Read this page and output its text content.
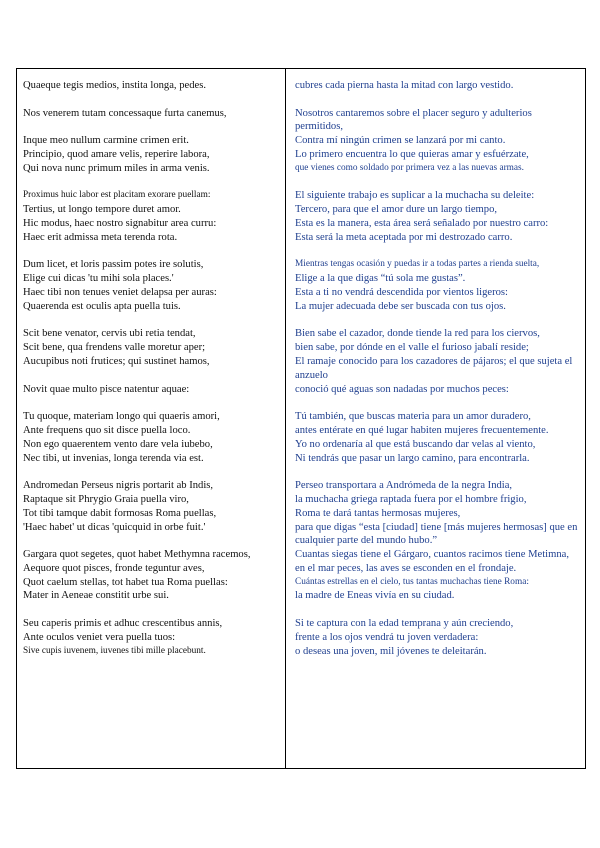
Quaeque tegis medios, instita longa, pedes.
Nos venerem tutam concessaque furta canemus,
Inque meo nullum carmine crimen erit.
Principio, quod amare velis, reperire labora,
Qui nova nunc primum miles in arma venis.
Proximus huic labor est placitam exorare puellam:
Tertius, ut longo tempore duret amor.
Hic modus, haec nostro signabitur area curru:
Haec erit admissa meta terenda rota.
Dum licet, et loris passim potes ire solutis,
Elige cui dicas 'tu mihi sola places.'
Haec tibi non tenues veniet delapsa per auras:
Quaerenda est oculis apta puella tuis.
Scit bene venator, cervis ubi retia tendat,
Scit bene, qua frendens valle moretur aper;
Aucupibus noti frutices; qui sustinet hamos,
Novit quae multo pisce natentur aquae:
Tu quoque, materiam longo qui quaeris amori,
Ante frequens quo sit disce puella loco.
Non ego quaerentem vento dare vela iubebo,
Nec tibi, ut invenias, longa terenda via est.
Andromedan Perseus nigris portarit ab Indis,
Raptaque sit Phrygio Graia puella viro,
Tot tibi tamque dabit formosas Roma puellas,
'Haec habet' ut dicas 'quicquid in orbe fuit.'
Gargara quot segetes, quot habet Methymna racemos,
Aequore quot pisces, fronde teguntur aves,
Quot caelum stellas, tot habet tua Roma puellas:
Mater in Aeneae constitit urbe sui.
Seu caperis primis et adhuc crescentibus annis,
Ante oculos veniet vera puella tuos:
Sive cupis iuvenem, iuvenes tibi mille placebunt.
cubres cada pierna hasta la mitad con largo vestido.
Nosotros cantaremos sobre el placer seguro y adulterios permitidos,
Contra mí ningún crimen se lanzará por mi canto.
Lo primero encuentra lo que quieras amar y esfuérzate,
que vienes como soldado por primera vez a las nuevas armas.
El siguiente trabajo es suplicar a la muchacha su deleite:
Tercero, para que el amor dure un largo tiempo,
Esta es la manera, esta área será señalado por nuestro carro:
Esta será la meta aceptada por mi destrozado carro.
Mientras tengas ocasión y puedas ir a todas partes a rienda suelta,
Elige a la que digas “tú sola me gustas”.
Esta a ti no vendrá descendida por vientos ligeros:
La mujer adecuada debe ser buscada con tus ojos.
Bien sabe el cazador, donde tiende la red para los ciervos,
bien sabe, por dónde en el valle el furioso jabalí reside;
El ramaje conocido para los cazadores de pájaros; el que sujeta el anzuelo
conoció qué aguas son nadadas por muchos peces:
Tú también, que buscas materia para un amor duradero,
antes entérate en qué lugar habiten mujeres frecuentemente.
Yo no ordenaría al que está buscando dar velas al viento,
Ni tendrás que pasar un largo camino, para encontrarla.
Perseo transportara a Andrómeda de la negra India,
la muchacha griega raptada fuera por el hombre frigio,
Roma te dará tantas hermosas mujeres,
para que digas “esta [ciudad] tiene [más mujeres hermosas] que en cualquier parte del mundo hubo.”
Cuantas siegas tiene el Gárgaro, cuantos racimos tiene Metimna,
en el mar peces, las aves se esconden en el frondaje.
Cuántas estrellas en el cielo, tus tantas muchachas tiene Roma:
la madre de Eneas vivía en su ciudad.
Si te captura con la edad temprana y aún creciendo,
frente a los ojos vendrá tu joven verdadera:
o deseas una joven, mil jóvenes te deleitarán.
